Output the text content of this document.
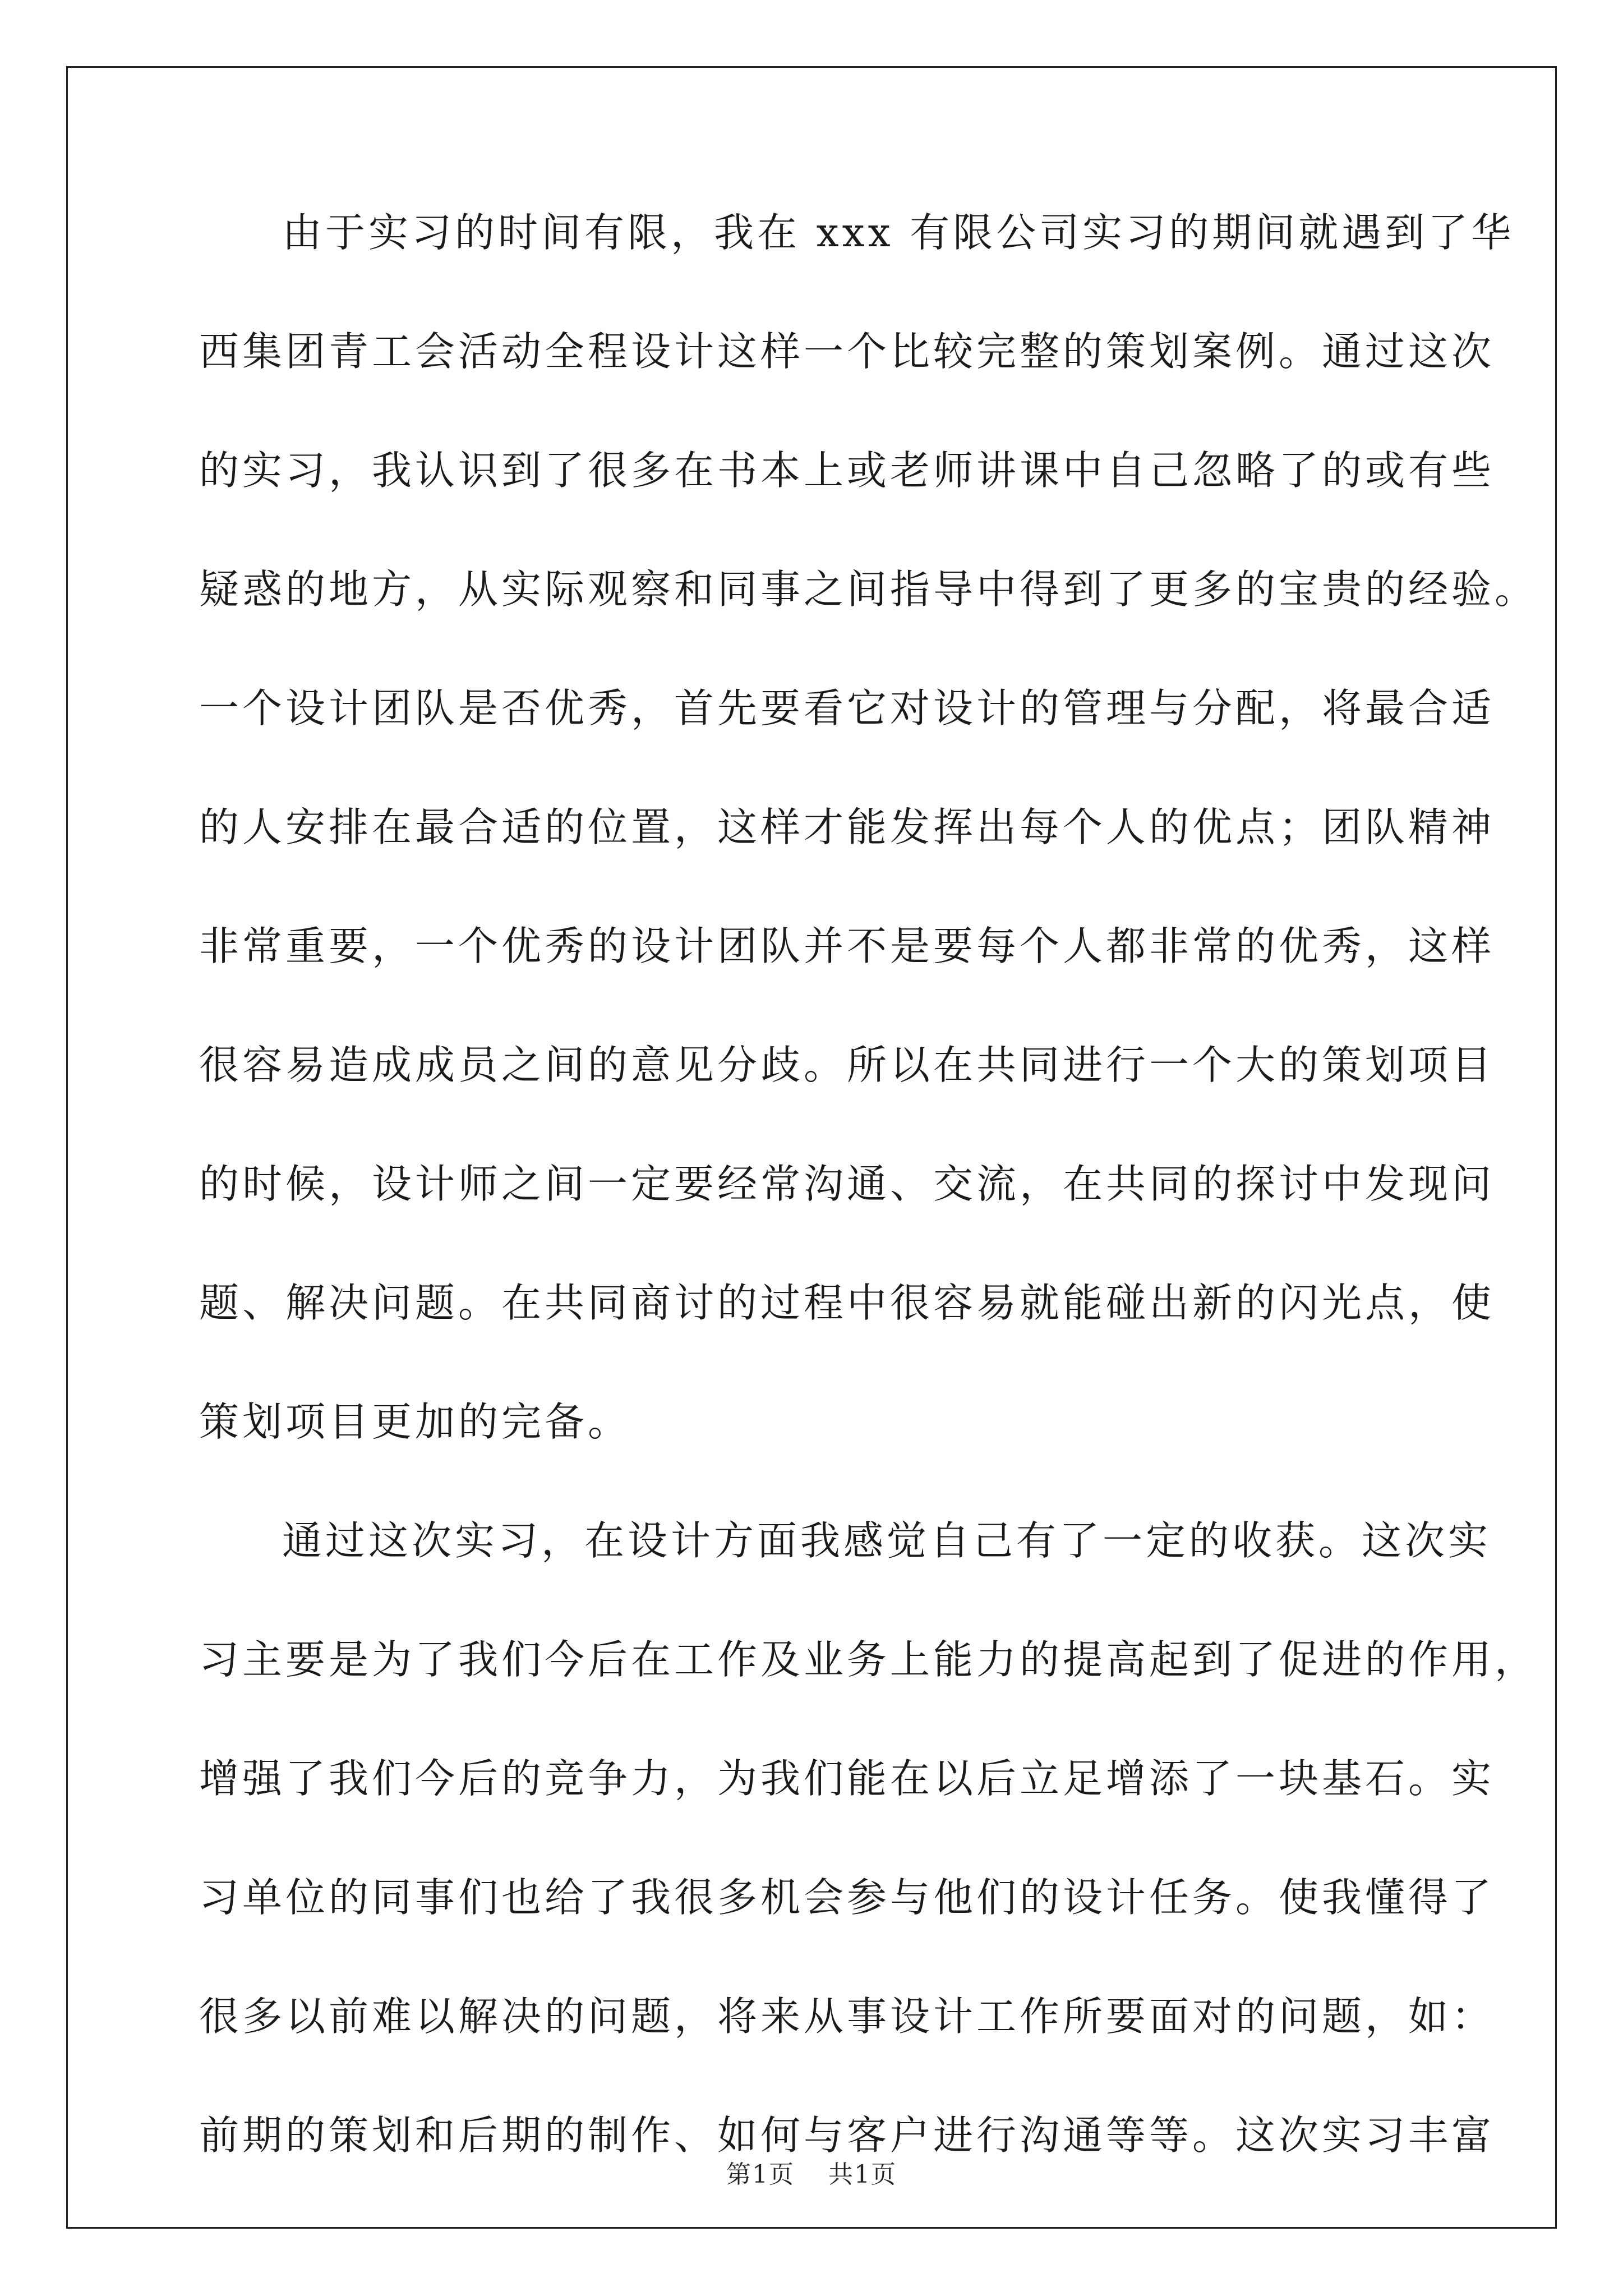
由于实习的时间有限，我在 xxx 有限公司实习的期间就遇到了华
西集团青工会活动全程设计这样一个比较完整的策划案例。通过这次
的实习，我认识到了很多在书本上或老师讲课中自己忽略了的或有些
疑惑的地方，从实际观察和同事之间指导中得到了更多的宝贵的经验。
一个设计团队是否优秀，首先要看它对设计的管理与分配，将最合适
的人安排在最合适的位置，这样才能发挥出每个人的优点；团队精神
非常重要，一个优秀的设计团队并不是要每个人都非常的优秀，这样
很容易造成成员之间的意见分歧。所以在共同进行一个大的策划项目
的时候，设计师之间一定要经常沟通、交流，在共同的探讨中发现问
题、解决问题。在共同商讨的过程中很容易就能碰出新的闪光点，使
策划项目更加的完备。
通过这次实习，在设计方面我感觉自己有了一定的收获。这次实
习主要是为了我们今后在工作及业务上能力的提高起到了促进的作用，
增强了我们今后的竞争力，为我们能在以后立足增添了一块基石。实
习单位的同事们也给了我很多机会参与他们的设计任务。使我懂得了
很多以前难以解决的问题，将来从事设计工作所要面对的问题，如：
前期的策划和后期的制作、如何与客户进行沟通等等。这次实习丰富
第1页 共1页
